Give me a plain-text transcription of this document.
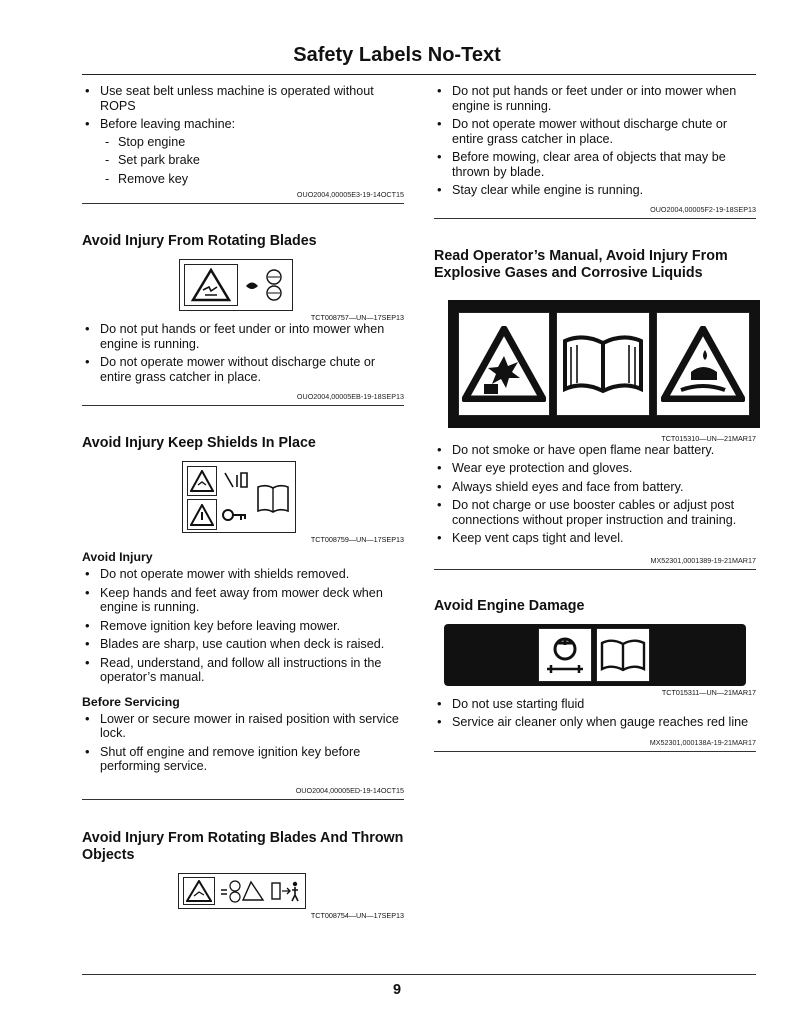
Safety Labels No-Text
• Use seat belt unless machine is operated without ROPS
• Before leaving machine:
- Stop engine
- Set park brake
- Remove key
OUO2004,00005E3-19-14OCT15
Avoid Injury From Rotating Blades
TCT008757—UN—17SEP13
• Do not put hands or feet under or into mower when engine is running.
• Do not operate mower without discharge chute or entire grass catcher in place.
OUO2004,00005EB-19-18SEP13
Avoid Injury Keep Shields In Place
TCT008759—UN—17SEP13
Avoid Injury
• Do not operate mower with shields removed.
• Keep hands and feet away from mower deck when engine is running.
• Remove ignition key before leaving mower.
• Blades are sharp, use caution when deck is raised.
• Read, understand, and follow all instructions in the operator’s manual.
Before Servicing
• Lower or secure mower in raised position with service lock.
• Shut off engine and remove ignition key before performing service.
OUO2004,00005ED-19-14OCT15
Avoid Injury From Rotating Blades And Thrown Objects
TCT008754—UN—17SEP13
• Do not put hands or feet under or into mower when engine is running.
• Do not operate mower without discharge chute or entire grass catcher in place.
• Before mowing, clear area of objects that may be thrown by blade.
• Stay clear while engine is running.
OUO2004,00005F2-19-18SEP13
Read Operator’s Manual, Avoid Injury From Explosive Gases and Corrosive Liquids
TCT015310—UN—21MAR17
• Do not smoke or have open flame near battery.
• Wear eye protection and gloves.
• Always shield eyes and face from battery.
• Do not charge or use booster cables or adjust post connections without proper instruction and training.
• Keep vent caps tight and level.
MX52301,0001389-19-21MAR17
Avoid Engine Damage
TCT015311—UN—21MAR17
• Do not use starting fluid
• Service air cleaner only when gauge reaches red line
MX52301,000138A-19-21MAR17
9
